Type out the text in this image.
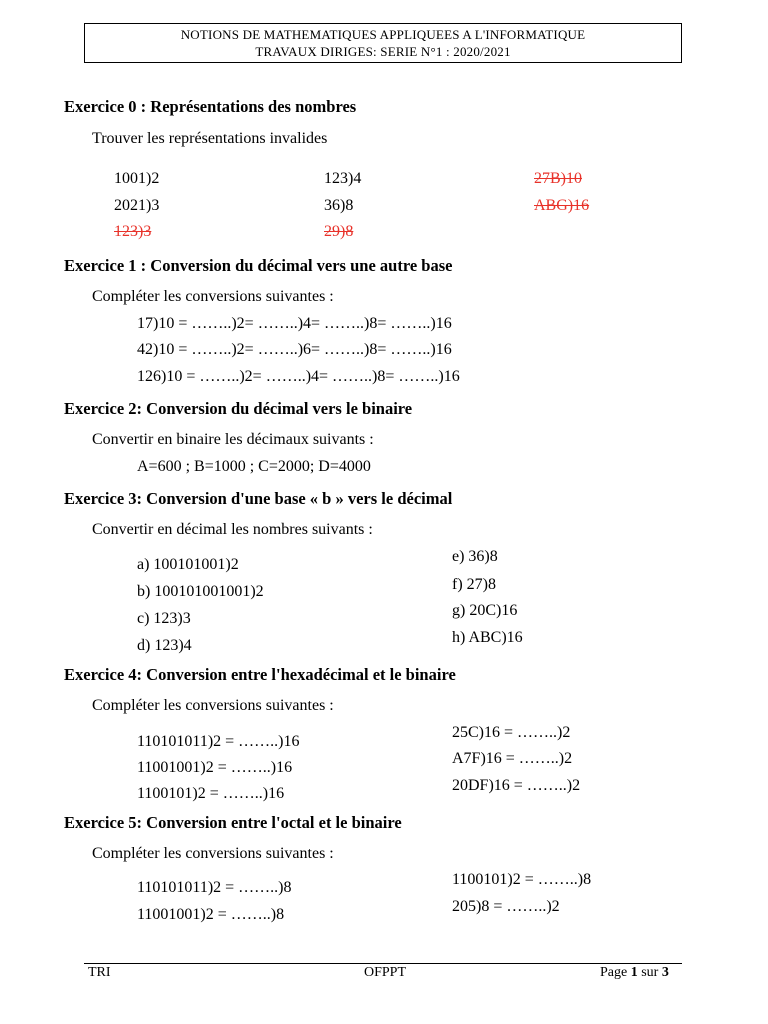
NOTIONS DE MATHEMATIQUES APPLIQUEES A L'INFORMATIQUE
TRAVAUX DIRIGES: SERIE N°1 : 2020/2021
Exercice 0 : Représentations des nombres
Trouver les représentations invalides
1001)2	123)4	27B)10
2021)3	36)8	ABG)16
123)3	29)8
Exercice 1 : Conversion du décimal vers une autre base
Compléter les conversions suivantes :
17)10 = ……..)2= ……..)4= ……..)8= ……..)16
42)10 = ……..)2= ……..)6= ……..)8= ……..)16
126)10 = ……..)2= ……..)4= ……..)8= ……..)16
Exercice 2: Conversion du décimal vers le binaire
Convertir en binaire les décimaux suivants :
A=600 ; B=1000 ; C=2000; D=4000
Exercice 3: Conversion d'une base « b » vers le décimal
Convertir en décimal les nombres suivants :
a) 100101001)2
b) 100101001001)2
c) 123)3
d) 123)4
e) 36)8
f) 27)8
g) 20C)16
h) ABC)16
Exercice 4: Conversion entre l'hexadécimal et le binaire
Compléter les conversions suivantes :
110101011)2 = ……..)16
11001001)2 = ……..)16
1100101)2 = ……..)16
25C)16 = ……..)2
A7F)16 = ……..)2
20DF)16 = ……..)2
Exercice 5: Conversion entre l'octal et le binaire
Compléter les conversions suivantes :
110101011)2 = ……..)8
11001001)2 = ……..)8
1100101)2 = ……..)8
205)8 = ……..)2
TRI	OFPPT	Page 1 sur 3
